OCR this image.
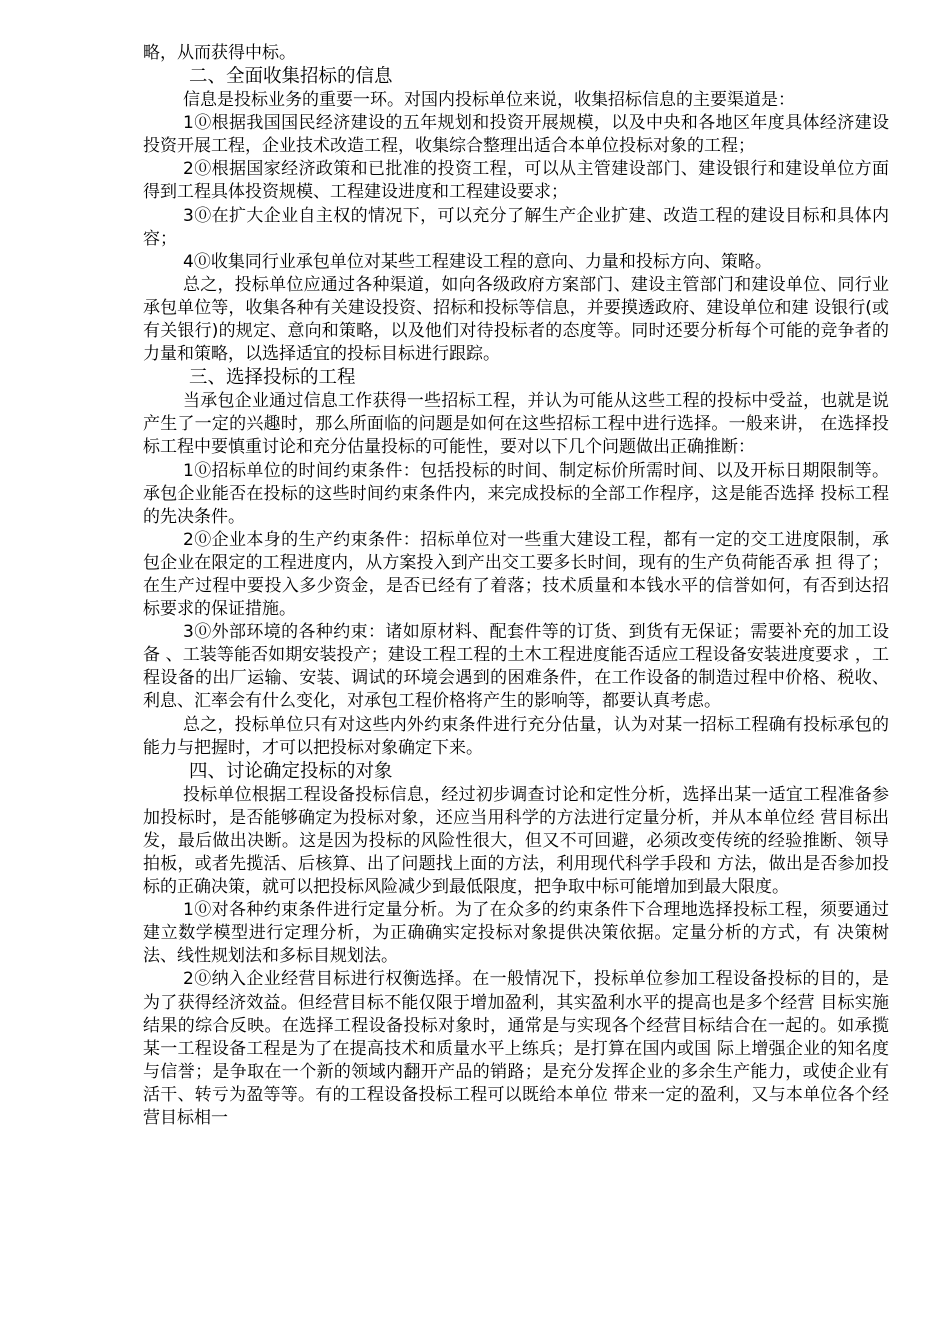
略，从而获得中标。

二、全面收集招标的信息

信息是投标业务的重要一环。对国内投标单位来说，收集招标信息的主要渠道是：

1⓪根据我国国民经济建设的五年规划和投资开展规模，以及中央和各地区年度具体经济建设投资开展工程，企业技术改造工程，收集综合整理出适合本单位投标对象的工程；

2⓪根据国家经济政策和已批准的投资工程，可以从主管建设部门、建设银行和建设单位方面得到工程具体投资规模、工程建设进度和工程建设要求；

3⓪在扩大企业自主权的情况下，可以充分了解生产企业扩建、改造工程的建设目标和具体内容；

4⓪收集同行业承包单位对某些工程建设工程的意向、力量和投标方向、策略。

总之，投标单位应通过各种渠道，如向各级政府方案部门、建设主管部门和建设单位、同行业承包单位等，收集各种有关建设投资、招标和投标等信息，并要摸透政府、建设单位和建 设银行(或有关银行)的规定、意向和策略，以及他们对待投标者的态度等。同时还要分析每个可能的竞争者的力量和策略，以选择适宜的投标目标进行跟踪。

三、选择投标的工程

当承包企业通过信息工作获得一些招标工程，并认为可能从这些工程的投标中受益，也就是说产生了一定的兴趣时，那么所面临的问题是如何在这些招标工程中进行选择。一般来讲， 在选择投标工程中要慎重讨论和充分估量投标的可能性，要对以下几个问题做出正确推断：

1⓪招标单位的时间约束条件：包括投标的时间、制定标价所需时间、以及开标日期限制等。承包企业能否在投标的这些时间约束条件内，来完成投标的全部工作程序，这是能否选择 投标工程的先决条件。

2⓪企业本身的生产约束条件：招标单位对一些重大建设工程，都有一定的交工进度限制，承包企业在限定的工程进度内，从方案投入到产出交工要多长时间，现有的生产负荷能否承 担 得了；在生产过程中要投入多少资金，是否已经有了着落；技术质量和本钱水平的信誉如何，有否到达招标要求的保证措施。

3⓪外部环境的各种约束：诸如原材料、配套件等的订货、到货有无保证；需要补充的加工设备 、工装等能否如期安装投产；建设工程工程的土木工程进度能否适应工程设备安装进度要求 ，工程设备的出厂运输、安装、调试的环境会遇到的困难条件，在工作设备的制造过程中价格、税收、利息、汇率会有什么变化，对承包工程价格将产生的影响等，都要认真考虑。

总之，投标单位只有对这些内外约束条件进行充分估量，认为对某一招标工程确有投标承包的能力与把握时，才可以把投标对象确定下来。

四、讨论确定投标的对象

投标单位根据工程设备投标信息，经过初步调查讨论和定性分析，选择出某一适宜工程准备参加投标时，是否能够确定为投标对象，还应当用科学的方法进行定量分析，并从本单位经 营目标出发，最后做出决断。这是因为投标的风险性很大，但又不可回避，必须改变传统的经验推断、领导拍板，或者先揽活、后核算、出了问题找上面的方法，利用现代科学手段和 方法，做出是否参加投标的正确决策，就可以把投标风险减少到最低限度，把争取中标可能增加到最大限度。

1⓪对各种约束条件进行定量分析。为了在众多的约束条件下合理地选择投标工程，须要通过建立数学模型进行定理分析，为正确确实定投标对象提供决策依据。定量分析的方式，有 决策树法、线性规划法和多标目规划法。

2⓪纳入企业经营目标进行权衡选择。在一般情况下，投标单位参加工程设备投标的目的，是为了获得经济效益。但经营目标不能仅限于增加盈利，其实盈利水平的提高也是多个经营 目标实施结果的综合反映。在选择工程设备投标对象时，通常是与实现各个经营目标结合在一起的。如承揽某一工程设备工程是为了在提高技术和质量水平上练兵；是打算在国内或国 际上增强企业的知名度与信誉；是争取在一个新的领域内翻开产品的销路；是充分发挥企业的多余生产能力，或使企业有活干、转亏为盈等等。有的工程设备投标工程可以既给本单位 带来一定的盈利，又与本单位各个经营目标相一
